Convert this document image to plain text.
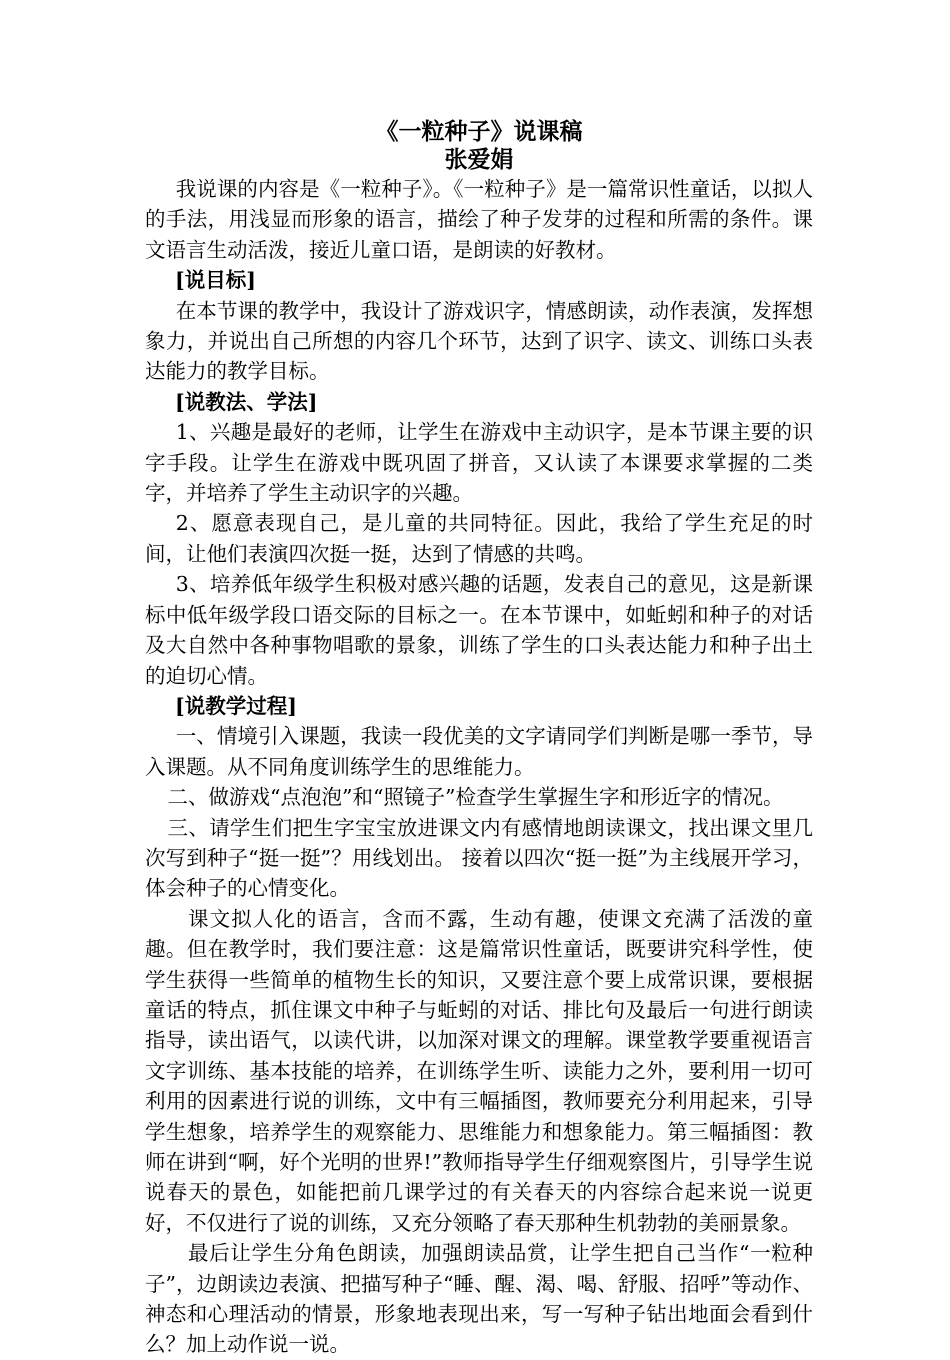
《一粒种子》说课稿
张爱娟

我说课的内容是《一粒种子》。《一粒种子》是一篇常识性童话，以拟人的手法，用浅显而形象的语言，描绘了种子发芽的过程和所需的条件。课文语言生动活泼，接近儿童口语，是朗读的好教材。

[说目标]

在本节课的教学中，我设计了游戏识字，情感朗读，动作表演，发挥想象力，并说出自己所想的内容几个环节，达到了识字、读文、训练口头表达能力的教学目标。

[说教法、学法]

1、兴趣是最好的老师，让学生在游戏中主动识字，是本节课主要的识字手段。让学生在游戏中既巩固了拼音，又认读了本课要求掌握的二类字，并培养了学生主动识字的兴趣。

2、愿意表现自己，是儿童的共同特征。因此，我给了学生充足的时间，让他们表演四次挺一挺，达到了情感的共鸣。

3、培养低年级学生积极对感兴趣的话题，发表自己的意见，这是新课标中低年级学段口语交际的目标之一。在本节课中，如蚯蚓和种子的对话及大自然中各种事物唱歌的景象，训练了学生的口头表达能力和种子出土的迫切心情。

[说教学过程]

一、情境引入课题，我读一段优美的文字请同学们判断是哪一季节，导入课题。从不同角度训练学生的思维能力。

二、做游戏“点泡泡”和“照镜子”检查学生掌握生字和形近字的情况。

三、请学生们把生字宝宝放进课文内有感情地朗读课文，找出课文里几次写到种子“挺一挺”？用线划出。 接着以四次“挺一挺”为主线展开学习，体会种子的心情变化。

课文拟人化的语言，含而不露，生动有趣，使课文充满了活泼的童趣。但在教学时，我们要注意：这是篇常识性童话，既要讲究科学性，使学生获得一些简单的植物生长的知识，又要注意个要上成常识课，要根据童话的特点，抓住课文中种子与蚯蚓的对话、排比句及最后一句进行朗读指导，读出语气，以读代讲，以加深对课文的理解。课堂教学要重视语言文字训练、基本技能的培养，在训练学生听、读能力之外，要利用一切可利用的因素进行说的训练，文中有三幅插图，教师要充分利用起来，引导学生想象，培养学生的观察能力、思维能力和想象能力。第三幅插图：教师在讲到“啊，好个光明的世界!”教师指导学生仔细观察图片，引导学生说说春天的景色，如能把前几课学过的有关春天的内容综合起来说一说更好，不仅进行了说的训练，又充分领略了春天那种生机勃勃的美丽景象。

最后让学生分角色朗读，加强朗读品赏，让学生把自己当作“一粒种子”，边朗读边表演、把描写种子“睡、醒、渴、喝、舒服、招呼”等动作、神态和心理活动的情景，形象地表现出来，写一写种子钻出地面会看到什么？加上动作说一说。
